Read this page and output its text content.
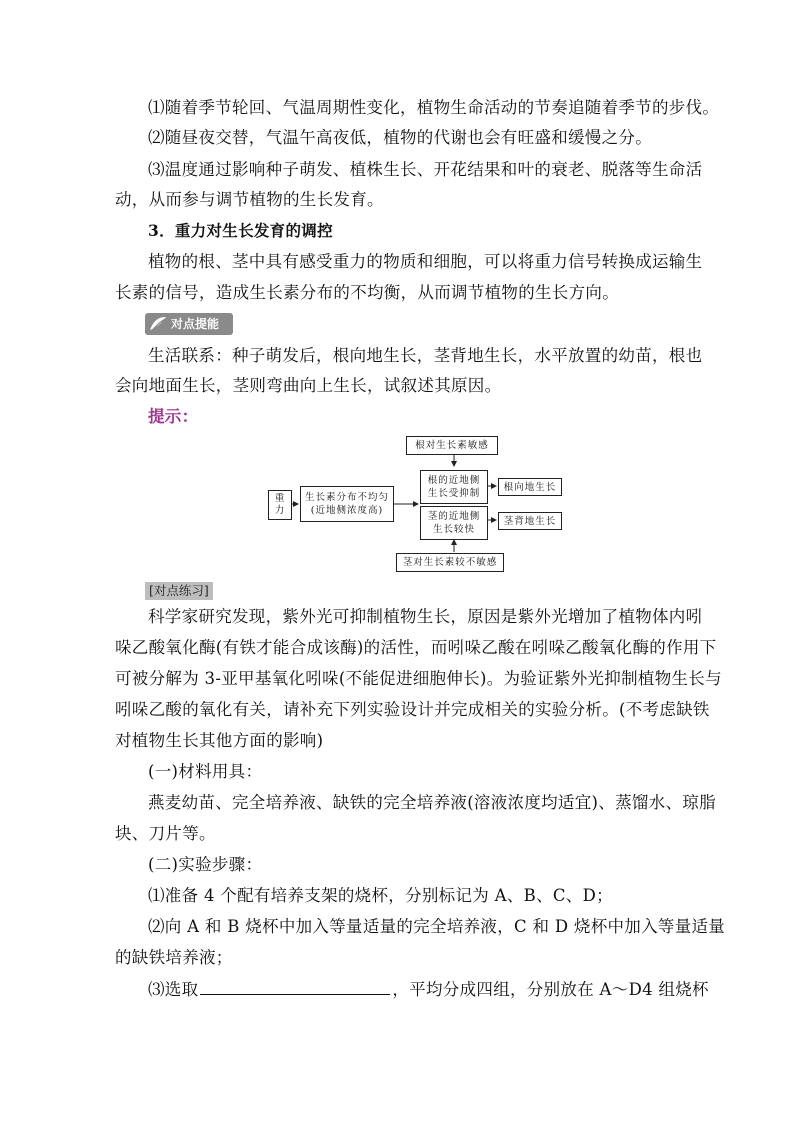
⑴随着季节轮回、气温周期性变化，植物生命活动的节奏追随着季节的步伐。
⑵随昼夜交替，气温午高夜低，植物的代谢也会有旺盛和缓慢之分。
⑶温度通过影响种子萌发、植株生长、开花结果和叶的衰老、脱落等生命活
动，从而参与调节植物的生长发育。
3．重力对生长发育的调控
植物的根、茎中具有感受重力的物质和细胞，可以将重力信号转换成运输生
长素的信号，造成生长素分布的不均衡，从而调节植物的生长方向。
对点提能
生活联系：种子萌发后，根向地生长，茎背地生长，水平放置的幼苗，根也
会向地面生长，茎则弯曲向上生长，试叙述其原因。
提示：
重力
生长素分布不均匀
(近地侧浓度高)
根的近地侧
生长受抑制
茎的近地侧
生长较快
根对生长素敏感
茎对生长素较不敏感
根向地生长
茎背地生长
[对点练习]
科学家研究发现，紫外光可抑制植物生长，原因是紫外光增加了植物体内吲
哚乙酸氧化酶(有铁才能合成该酶)的活性，而吲哚乙酸在吲哚乙酸氧化酶的作用下
可被分解为 3-亚甲基氧化吲哚(不能促进细胞伸长)。为验证紫外光抑制植物生长与
吲哚乙酸的氧化有关，请补充下列实验设计并完成相关的实验分析。(不考虑缺铁
对植物生长其他方面的影响)
(一)材料用具：
燕麦幼苗、完全培养液、缺铁的完全培养液(溶液浓度均适宜)、蒸馏水、琼脂
块、刀片等。
(二)实验步骤：
⑴准备 4 个配有培养支架的烧杯，分别标记为 A、B、C、D；
⑵向 A 和 B 烧杯中加入等量适量的完全培养液，C 和 D 烧杯中加入等量适量
的缺铁培养液；
⑶选取	，平均分成四组，分别放在 A～D4 组烧杯
